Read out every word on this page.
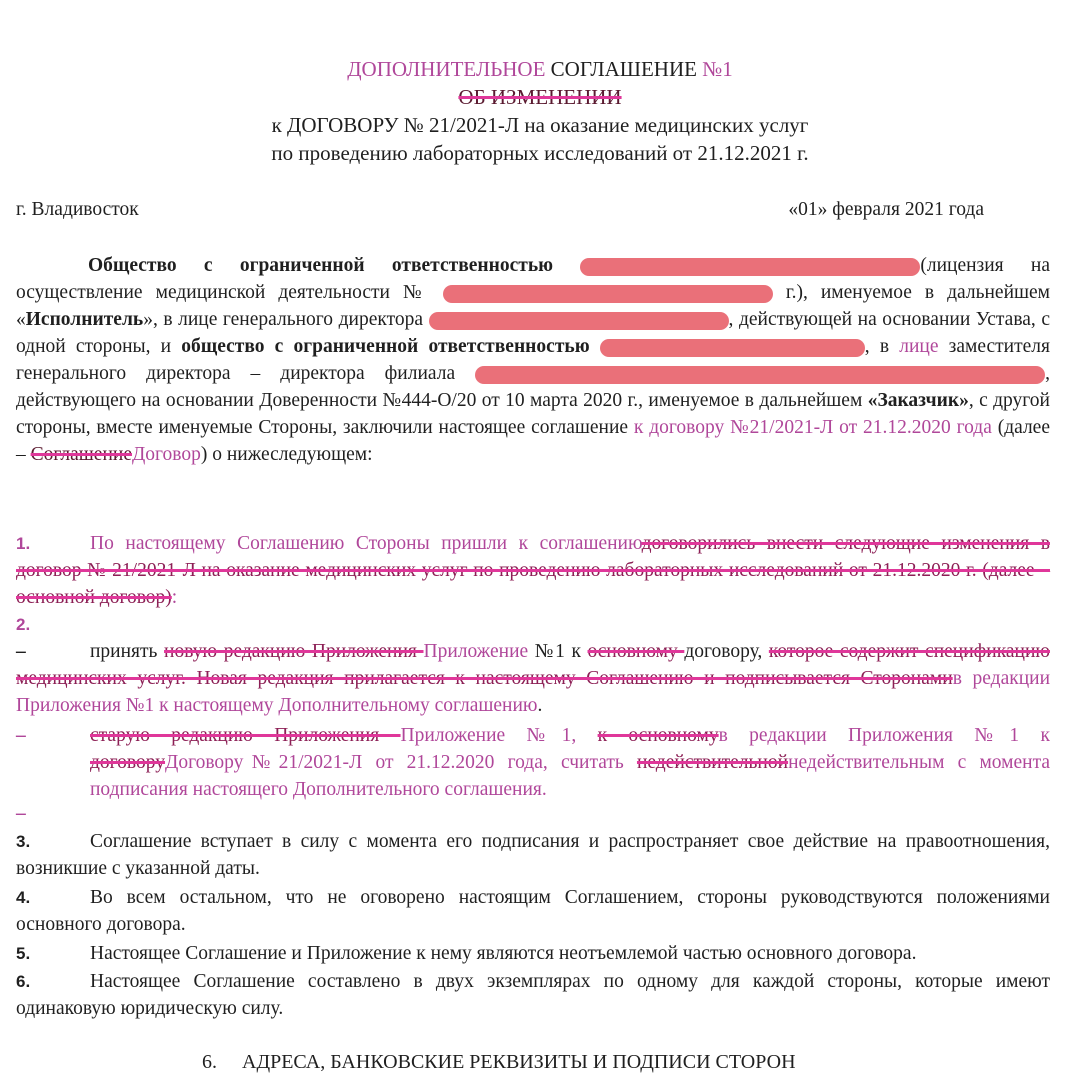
ДОПОЛНИТЕЛЬНОЕ СОГЛАШЕНИЕ №1
ОБ ИЗМЕНЕНИИ
к ДОГОВОРУ № 21/2021-Л на оказание медицинских услуг
по проведению лабораторных исследований от 21.12.2021 г.
г. Владивосток	«01» февраля 2021 года
Общество с ограниченной ответственностью	(лицензия на осуществление медицинской деятельности №	г.), именуемое в дальнейшем «Исполнитель», в лице генерального директора	, действующей на основании Устава, с одной стороны, и общество с ограниченной ответственностью	, в лице заместителя генерального директора – директора филиала	, действующего на основании Доверенности №444-О/20 от 10 марта 2020 г., именуемое в дальнейшем «Заказчик», с другой стороны, вместе именуемые Стороны, заключили настоящее соглашение к договору №21/2021-Л от 21.12.2020 года (далее – СоглашениеДоговор) о нижеследующем:
1.	По настоящему Соглашению Стороны пришли к соглашениюдоговорились внести следующие изменения в договор № 21/2021-Л на оказание медицинских услуг по проведению лабораторных исследований от 21.12.2020 г. (далее – основной договор):
2.
–	принять новую редакцию Приложения Приложение №1 к основному договору, которое содержит спецификацию медицинских услуг. Новая редакция прилагается к настоящему Соглашению и подписывается Сторонамив редакции Приложения №1 к настоящему Дополнительному соглашению.
–	старую редакцию Приложения Приложение №1, к основномув редакции Приложения №1 к договоруДоговору№21/2021-Л от 21.12.2020 года, считать недействительнойнедействительным с момента подписания настоящего Дополнительного соглашения.
–
3.	Соглашение вступает в силу с момента его подписания и распространяет свое действие на правоотношения, возникшие с указанной даты.
4.	Во всем остальном, что не оговорено настоящим Соглашением, стороны руководствуются положениями основного договора.
5.	Настоящее Соглашение и Приложение к нему являются неотъемлемой частью основного договора.
6.	Настоящее Соглашение составлено в двух экземплярах по одному для каждой стороны, которые имеют одинаковую юридическую силу.
6. АДРЕСА, БАНКОВСКИЕ РЕКВИЗИТЫ И ПОДПИСИ СТОРОН
